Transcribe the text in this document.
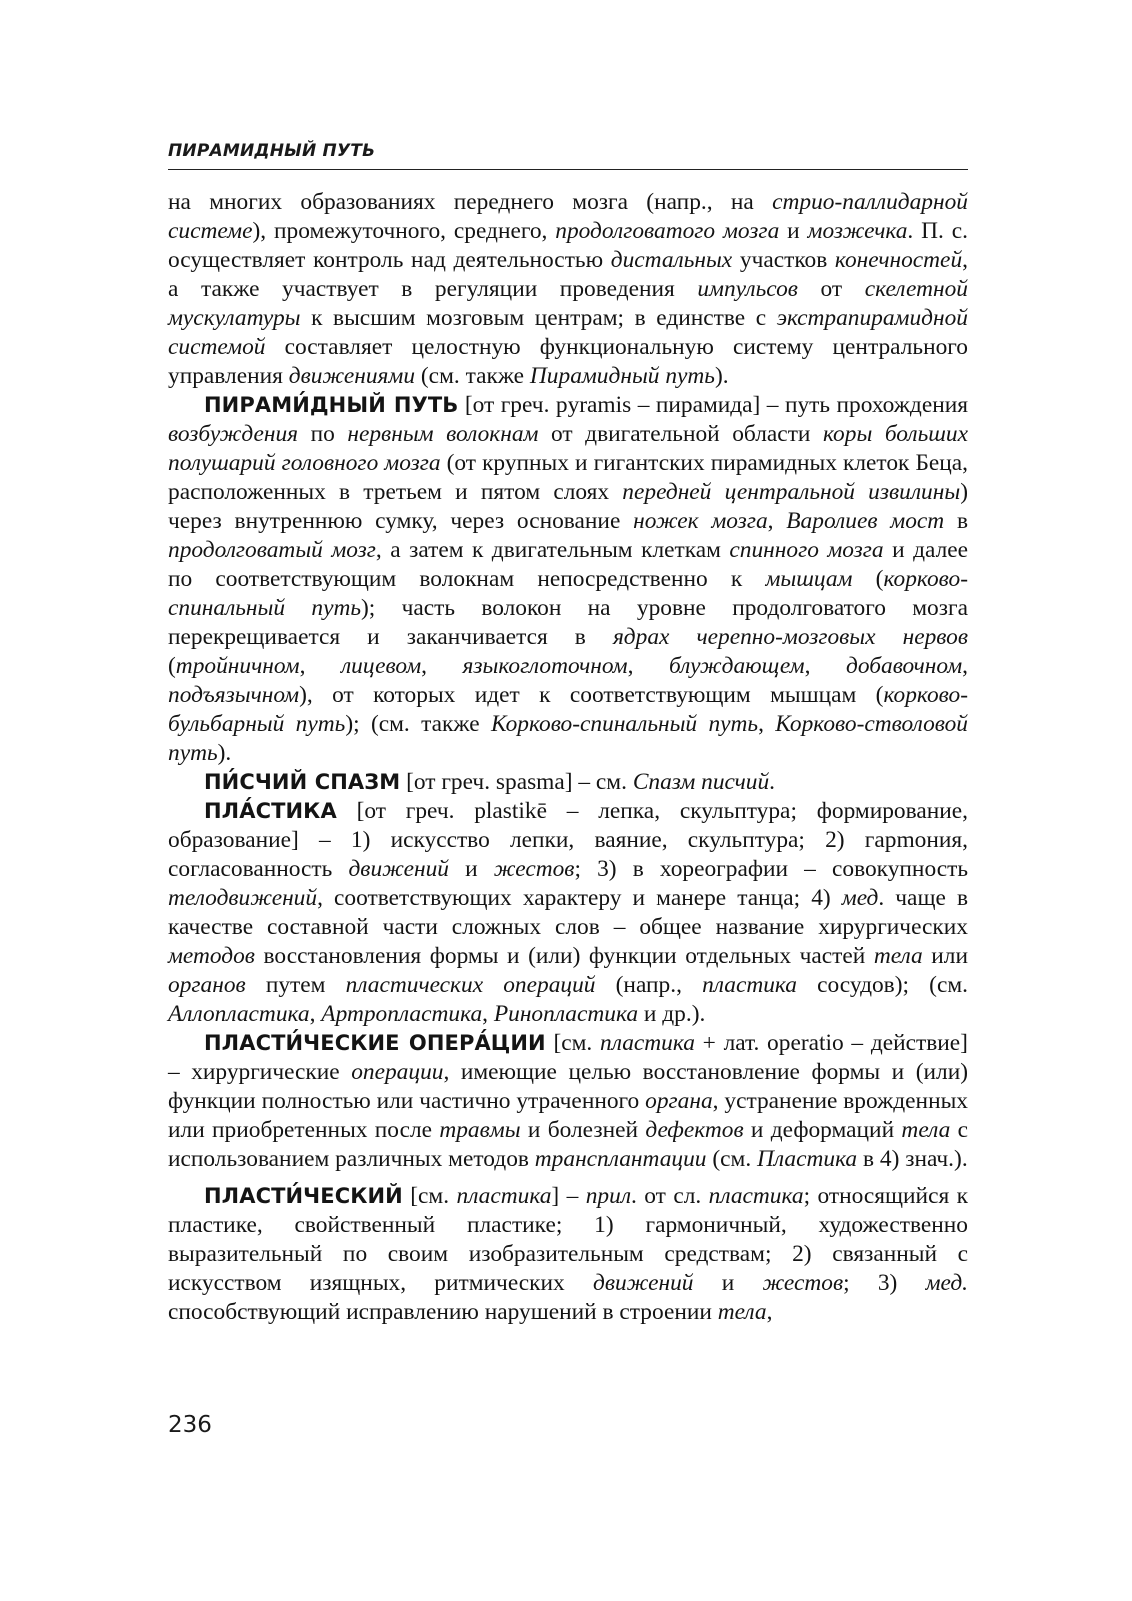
ПИРАМИДНЫЙ ПУТЬ

на многих образованиях переднего мозга (напр., на стрио-паллидарной системе), промежуточного, среднего, продолговатого мозга и мозжечка. П. с. осуществляет контроль над деятельностью дистальных участков конечностей, а также участвует в регуляции проведения импульсов от скелетной мускулатуры к высшим мозговым центрам; в единстве с экстрапирамидной системой составляет целостную функциональную систему центрального управления движениями (см. также Пирамидный путь).

ПИРАМИ́ДНЫЙ ПУТЬ [от греч. pyramis – пирамида] – путь прохождения возбуждения по нервным волокнам от двигательной области коры больших полушарий головного мозга (от крупных и гигантских пирамидных клеток Беца, расположенных в третьем и пятом слоях передней центральной извилины) через внутреннюю сумку, через основание ножек мозга, Варолиев мост в продолговатый мозг, а затем к двигательным клеткам спинного мозга и далее по соответствующим волокнам непосредственно к мышцам (корково-спинальный путь); часть волокон на уровне продолговатого мозга перекрещивается и заканчивается в ядрах черепно-мозговых нервов (тройничном, лицевом, языкоглоточном, блуждающем, добавочном, подъязычном), от которых идет к соответствующим мышцам (корково-бульбарный путь); (см. также Корково-спинальный путь, Корково-стволовой путь).

ПИ́СЧИЙ СПАЗМ [от греч. spasma] – см. Спазм писчий.

ПЛА́СТИКА [от греч. plastikē – лепка, скульптура; формирование, образование] – 1) искусство лепки, ваяние, скульптура; 2) гарmония, согласованность движений и жестов; 3) в хореографии – совокупность телодвижений, соответствующих характеру и манере танца; 4) мед. чаще в качестве составной части сложных слов – общее название хирургических методов восстановления формы и (или) функции отдельных частей тела или органов путем пластических операций (напр., пластика сосудов); (см. Аллопластика, Артропластика, Ринопластика и др.).

ПЛАСТИ́ЧЕСКИЕ ОПЕРА́ЦИИ [см. пластика + лат. operatio – действие] – хирургические операции, имеющие целью восстановление формы и (или) функции полностью или частично утраченного органа, устранение врожденных или приобретенных после травмы и болезней дефектов и деформаций тела с использованием различных методов трансплантации (см. Пластика в 4) знач.).

ПЛАСТИ́ЧЕСКИЙ [см. пластика] – прил. от сл. пластика; относящийся к пластике, свойственный пластике; 1) гармоничный, художественно выразительный по своим изобразительным средствам; 2) связанный с искусством изящных, ритмических движений и жестов; 3) мед. способствующий исправлению нарушений в строении тела,

236
